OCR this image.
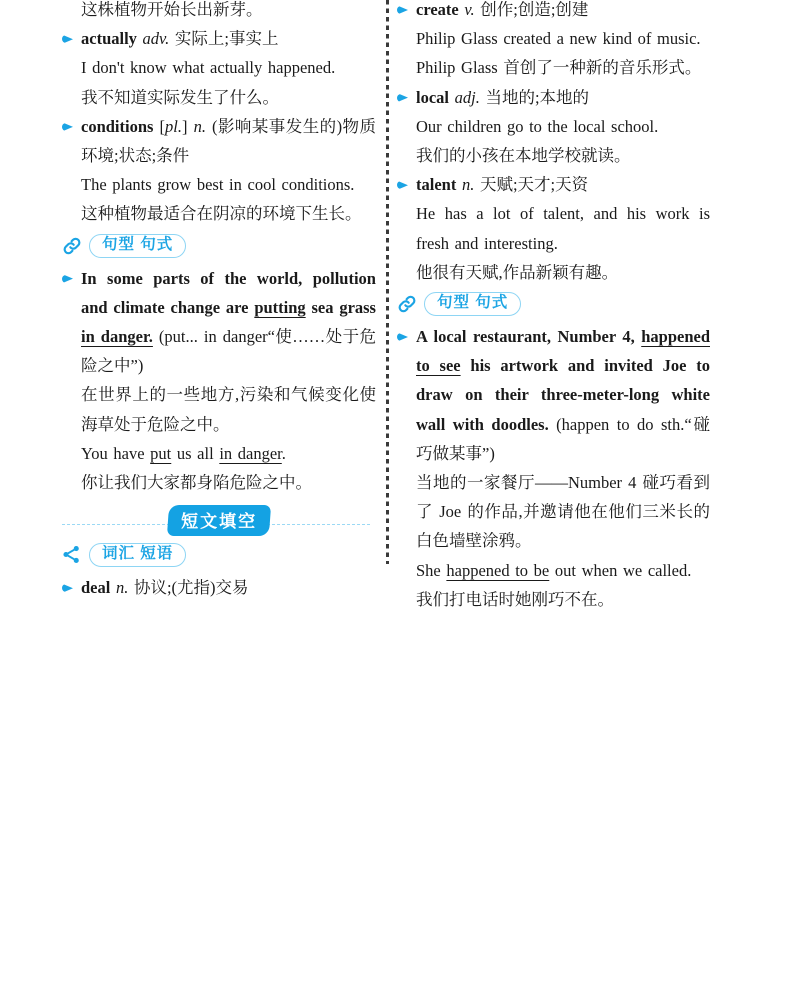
这株植物开始长出新芽。

actually adv. 实际上;事实上

I don't know what actually happened.

我不知道实际发生了什么。

conditions [pl.] n. (影响某事发生的)物质环境;状态;条件

The plants grow best in cool conditions.

这种植物最适合在阴凉的环境下生长。

句型 句式

In some parts of the world, pollution and climate change are putting sea grass in danger. (put... in danger“使……处于危险之中”)

在世界上的一些地方,污染和气候变化使海草处于危险之中。

You have put us all in danger.

你让我们大家都身陷危险之中。

短文填空
词汇 短语

deal n. 协议;(尤指)交易

create v. 创作;创造;创建

Philip Glass created a new kind of music.

Philip Glass 首创了一种新的音乐形式。

local adj. 当地的;本地的

Our children go to the local school.

我们的小孩在本地学校就读。

talent n. 天赋;天才;天资

He has a lot of talent, and his work is fresh and interesting.

他很有天赋,作品新颖有趣。

句型 句式

A local restaurant, Number 4, happened to see his artwork and invited Joe to draw on their three-meter-long white wall with doodles. (happen to do sth.“碰巧做某事”)

当地的一家餐厅——Number 4 碰巧看到了 Joe 的作品,并邀请他在他们三米长的白色墙壁涂鸦。

She happened to be out when we called.

我们打电话时她刚巧不在。
